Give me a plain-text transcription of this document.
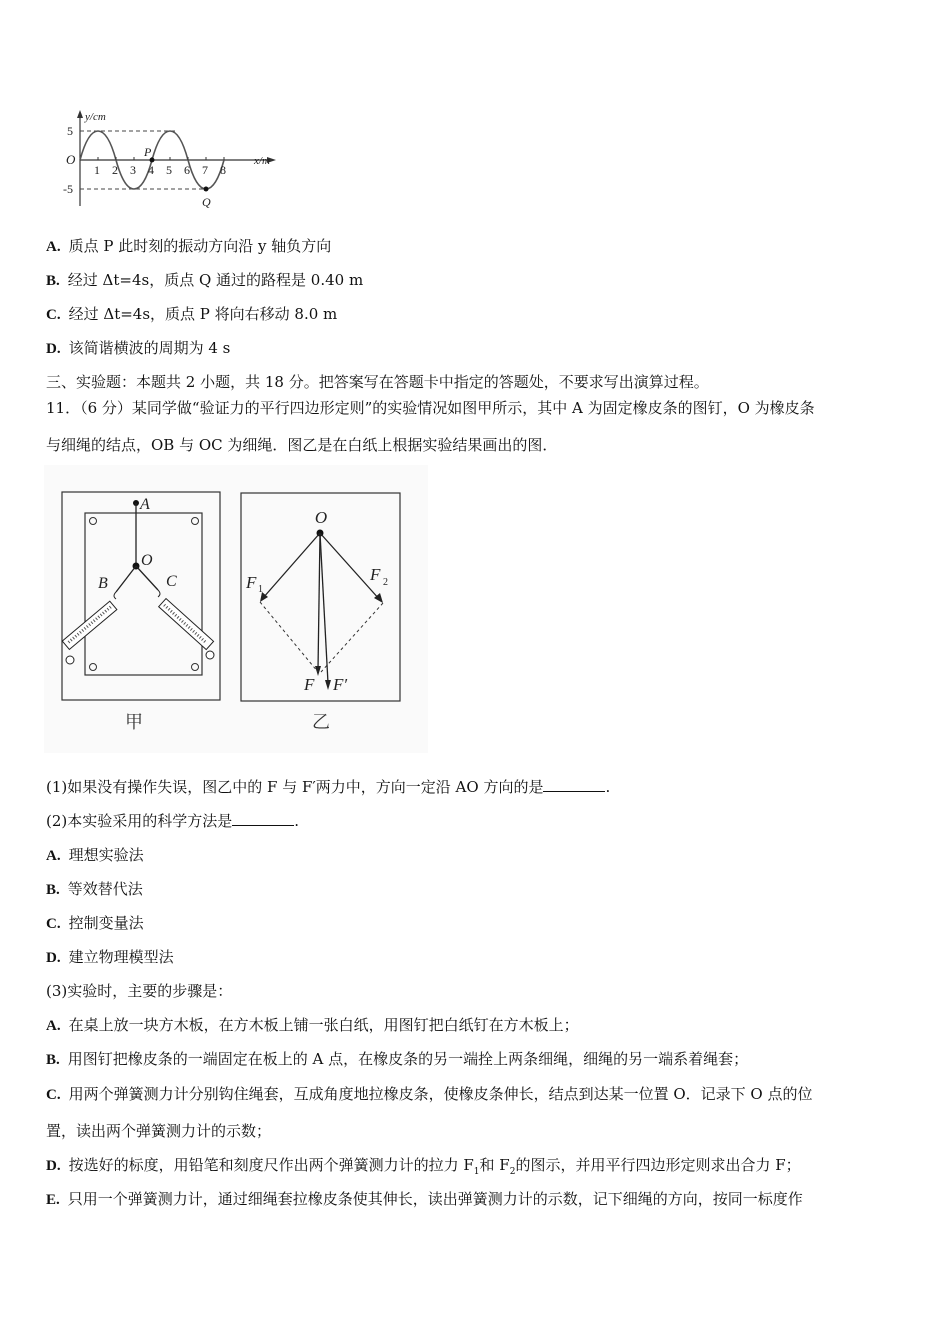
1 2 3 4 5 6 7 8
5
-5
O
y/cm
x/m
P
Q
A. 质点 P 此时刻的振动方向沿 y 轴负方向
B. 经过 Δt=4s，质点 Q 通过的路程是 0.40 m
C. 经过 Δt=4s，质点 P 将向右移动 8.0 m
D. 该简谐横波的周期为 4 s
三、实验题：本题共 2 小题，共 18 分。把答案写在答题卡中指定的答题处，不要求写出演算过程。
11．（6 分）某同学做“验证力的平行四边形定则”的实验情况如图甲所示，其中 A 为固定橡皮条的图钉，O 为橡皮条
与细绳的结点，OB 与 OC 为细绳．图乙是在白纸上根据实验结果画出的图．
A
O
B	C
甲
O
F 1
F 2
F F′
乙
(1)如果没有操作失误，图乙中的 F 与 F′两力中，方向一定沿 AO 方向的是	.
(2)本实验采用的科学方法是	.
A. 理想实验法
B. 等效替代法
C. 控制变量法
D. 建立物理模型法
(3)实验时，主要的步骤是：
A. 在桌上放一块方木板，在方木板上铺一张白纸，用图钉把白纸钉在方木板上；
B. 用图钉把橡皮条的一端固定在板上的 A 点，在橡皮条的另一端拴上两条细绳，细绳的另一端系着绳套；
C. 用两个弹簧测力计分别钩住绳套，互成角度地拉橡皮条，使橡皮条伸长，结点到达某一位置 O．记录下 O 点的位
置，读出两个弹簧测力计的示数；
D. 按选好的标度，用铅笔和刻度尺作出两个弹簧测力计的拉力 $F_1$和 $F_2$的图示，并用平行四边形定则求出合力 F；
E. 只用一个弹簧测力计，通过细绳套拉橡皮条使其伸长，读出弹簧测力计的示数，记下细绳的方向，按同一标度作
